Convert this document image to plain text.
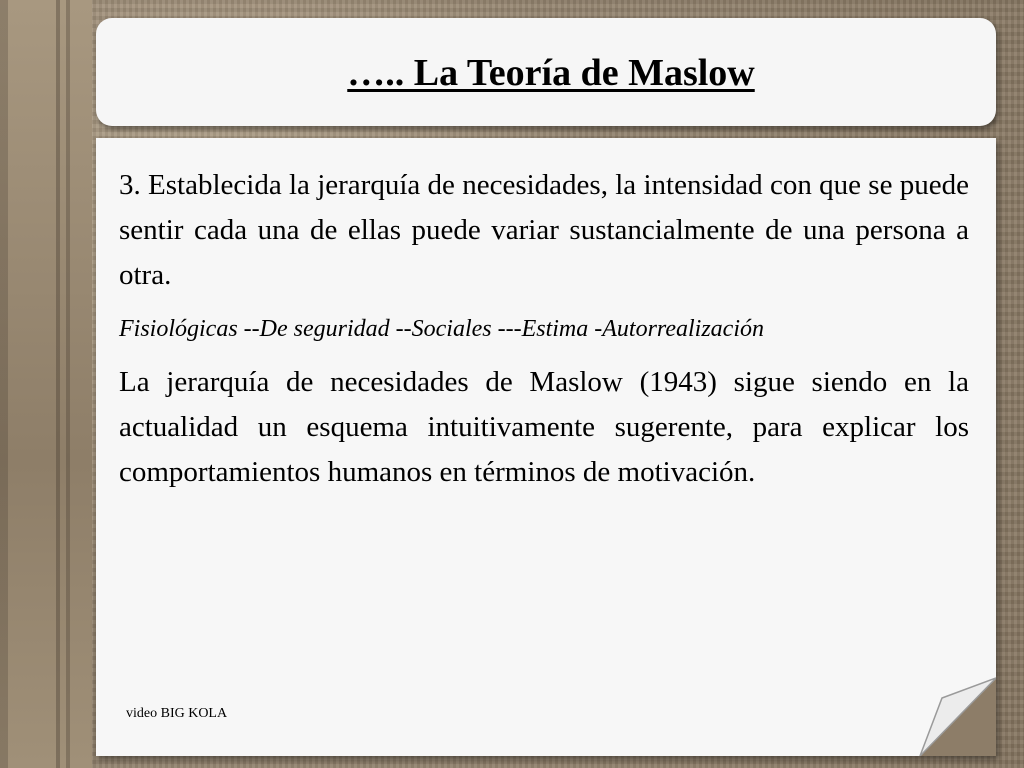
….. La Teoría de Maslow

3. Establecida la jerarquía de necesidades, la intensidad con que se puede sentir cada una de ellas puede variar sustancialmente de una persona a otra.

Fisiológicas --De seguridad --Sociales ---Estima -Autorrealización

La jerarquía de necesidades de Maslow (1943) sigue siendo en la actualidad un esquema intuitivamente sugerente, para explicar los comportamientos humanos en términos de motivación.

video BIG KOLA
